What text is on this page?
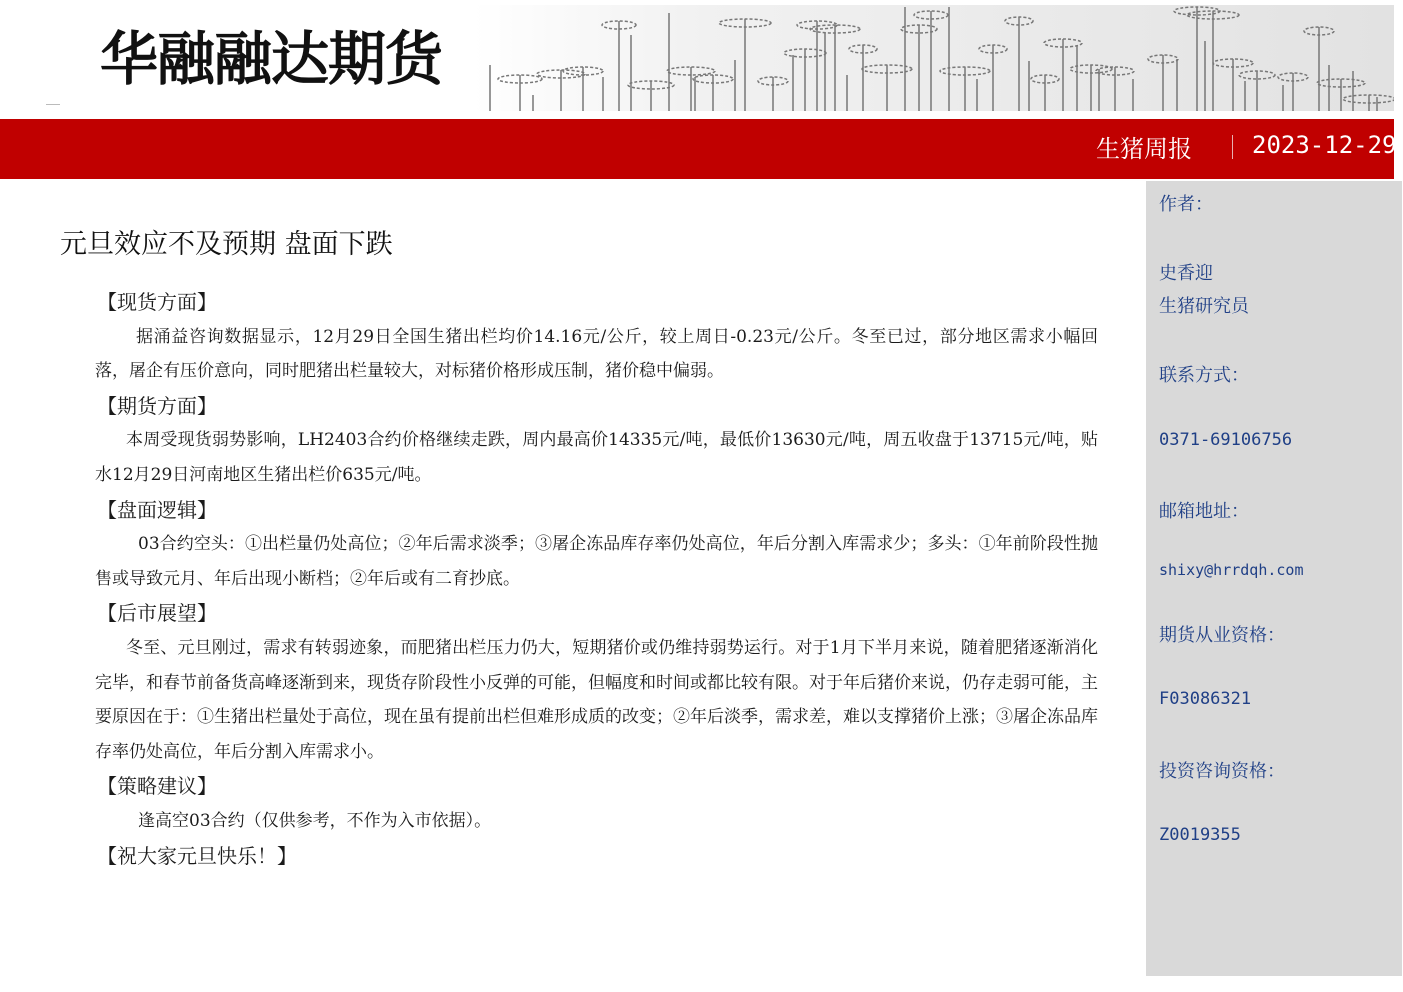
华融融达期货
生猪周报	2023-12-29
作者：
史香迎
生猪研究员
联系方式：
0371-69106756
邮箱地址：
shixy@hrrdqh.com
期货从业资格：
F03086321
投资咨询资格：
Z0019355
元旦效应不及预期 盘面下跌
【现货方面】

据涌益咨询数据显示，12月29日全国生猪出栏均价14.16元/公斤，较上周日-0.23元/公斤。冬至已过，部分地区需求小幅回落，屠企有压价意向，同时肥猪出栏量较大，对标猪价格形成压制，猪价稳中偏弱。

【期货方面】

本周受现货弱势影响，LH2403合约价格继续走跌，周内最高价14335元/吨，最低价13630元/吨，周五收盘于13715元/吨，贴水12月29日河南地区生猪出栏价635元/吨。

【盘面逻辑】

03合约空头：①出栏量仍处高位；②年后需求淡季；③屠企冻品库存率仍处高位，年后分割入库需求少；多头：①年前阶段性抛售或导致元月、年后出现小断档；②年后或有二育抄底。

【后市展望】

冬至、元旦刚过，需求有转弱迹象，而肥猪出栏压力仍大，短期猪价或仍维持弱势运行。对于1月下半月来说，随着肥猪逐渐消化完毕，和春节前备货高峰逐渐到来，现货存阶段性小反弹的可能，但幅度和时间或都比较有限。对于年后猪价来说，仍存走弱可能，主要原因在于：①生猪出栏量处于高位，现在虽有提前出栏但难形成质的改变；②年后淡季，需求差，难以支撑猪价上涨；③屠企冻品库存率仍处高位，年后分割入库需求小。

【策略建议】

逢高空03合约（仅供参考，不作为入市依据）。

【祝大家元旦快乐！】
